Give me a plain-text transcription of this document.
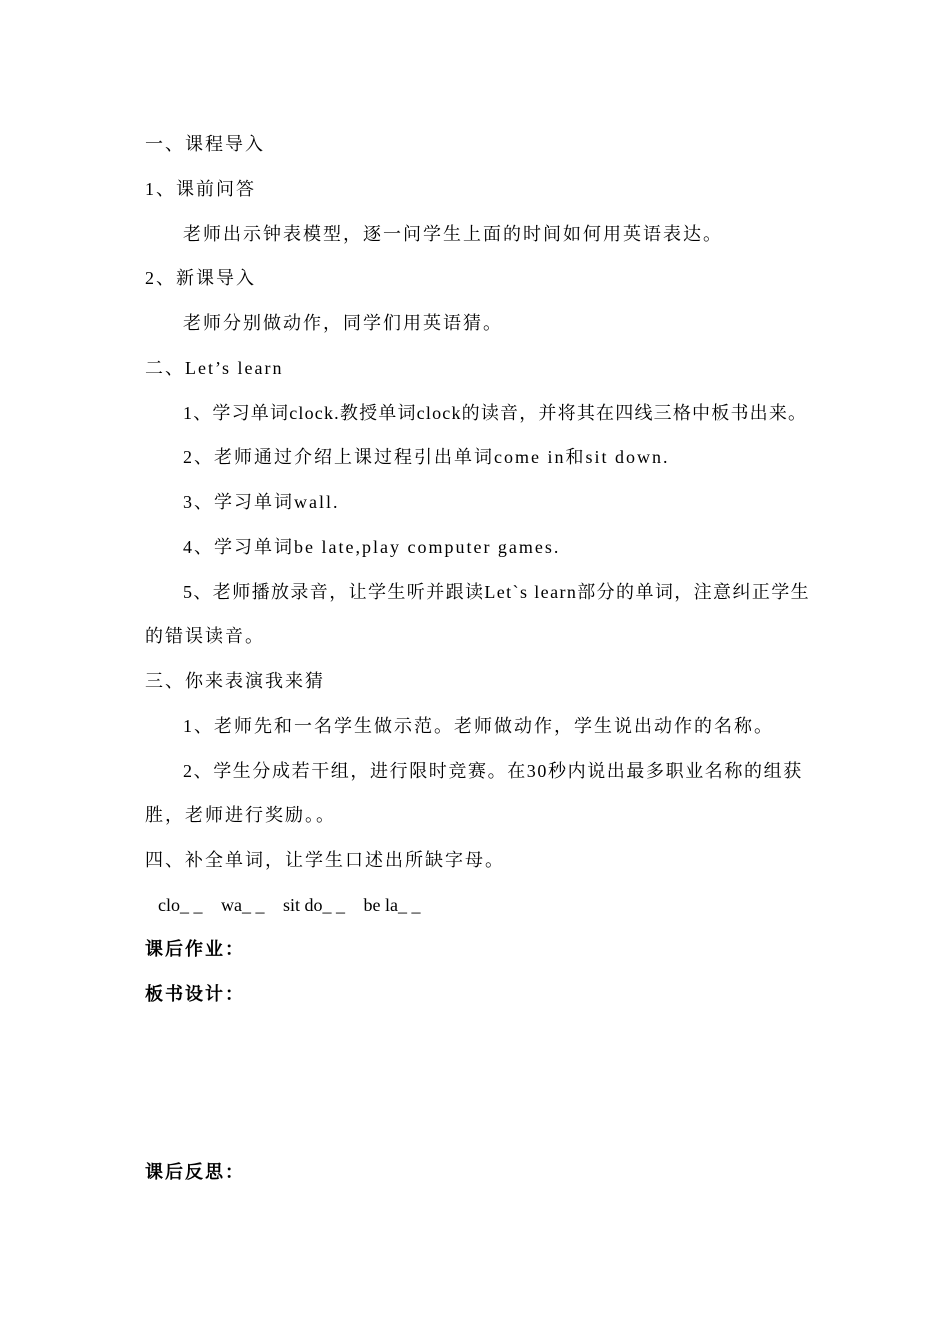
一、课程导入
1、课前问答
老师出示钟表模型，逐一问学生上面的时间如何用英语表达。
2、新课导入
老师分别做动作，同学们用英语猜。
二、Let’s learn
1、学习单词clock.教授单词clock的读音，并将其在四线三格中板书出来。
2、老师通过介绍上课过程引出单词come in和sit down.
3、学习单词wall.
4、学习单词be late,play computer games.
5、老师播放录音，让学生听并跟读Let`s learn部分的单词，注意纠正学生
的错误读音。
三、你来表演我来猜
1、老师先和一名学生做示范。老师做动作，学生说出动作的名称。
2、学生分成若干组，进行限时竞赛。在30秒内说出最多职业名称的组获
胜，老师进行奖励。。
四、补全单词，让学生口述出所缺字母。
clo_ _ wa_ _ sit do_ _ be la_ _
课后作业：
板书设计：
课后反思：
